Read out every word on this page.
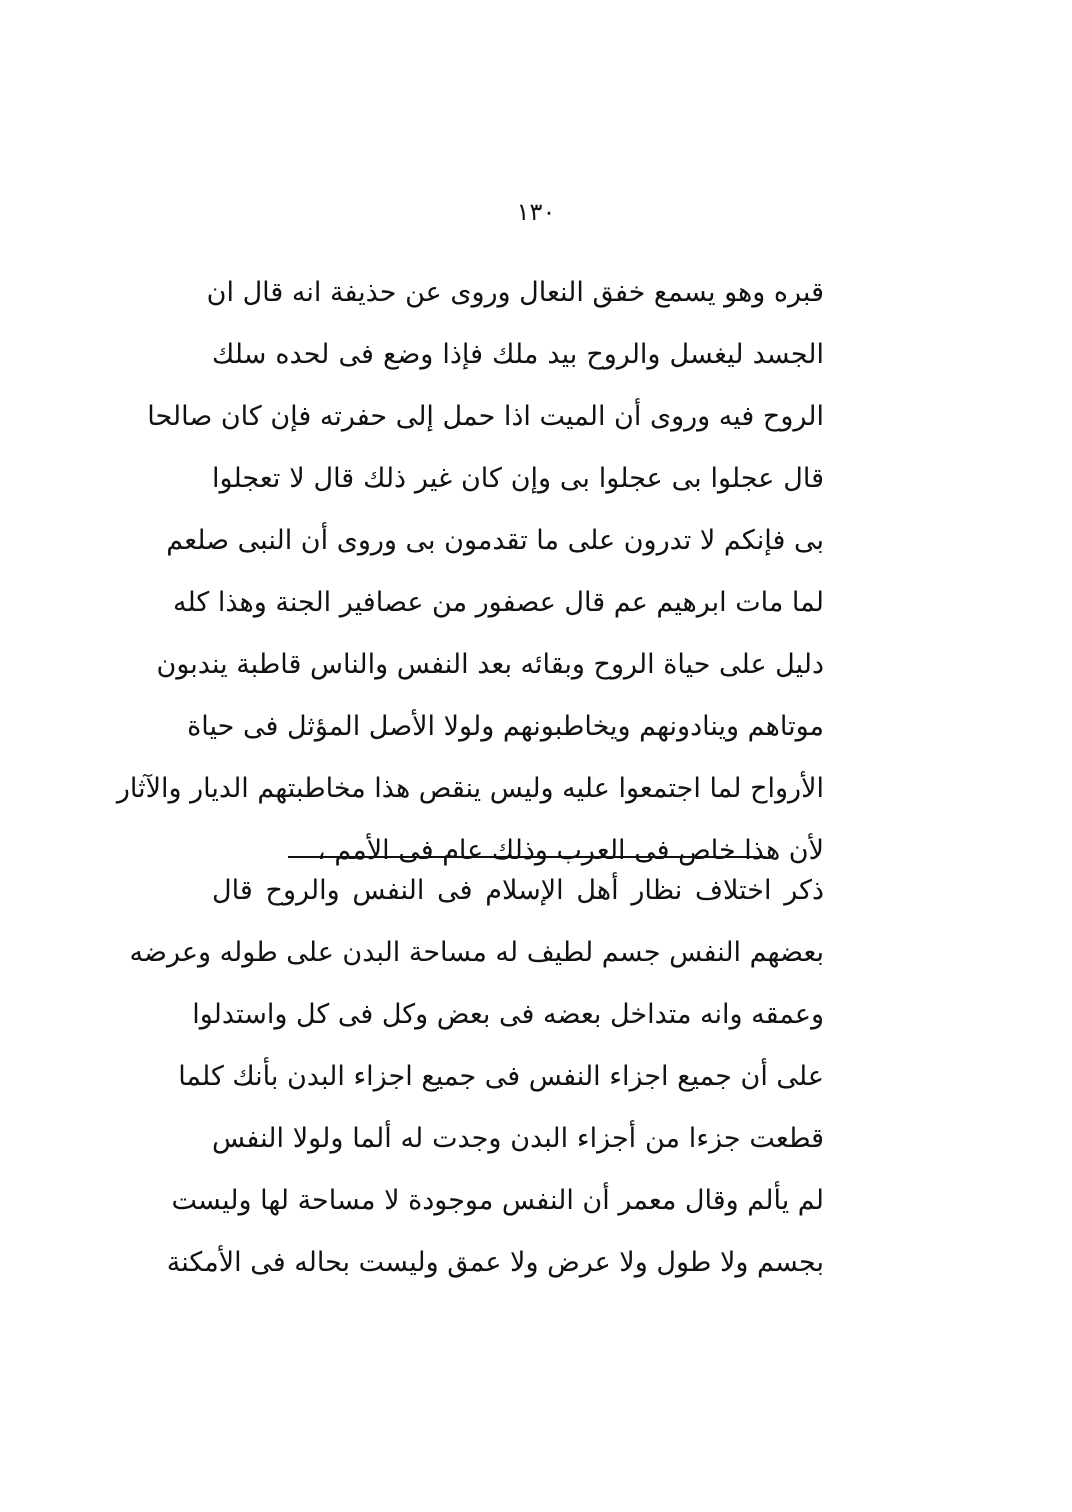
١٣٠
قبره وهو يسمع خفق النعال وروى عن حذيفة انه قال ان
الجسد ليغسل والروح بيد ملك فإذا وضع فى لحده سلك
الروح فيه وروى أن الميت اذا حمل إلى حفرته فإن كان صالحا
قال عجلوا بى عجلوا بى وإن كان غير ذلك قال لا تعجلوا
بى فإنكم لا تدرون على ما تقدمون بى وروى أن النبى صلعم
لما مات ابرهيم عم قال عصفور من عصافير الجنة وهذا كله
دليل على حياة الروح وبقائه بعد النفس والناس قاطبة يندبون
موتاهم وينادونهم ويخاطبونهم ولولا الأصل المؤثل فى حياة
الأرواح لما اجتمعوا عليه وليس ينقص هذا مخاطبتهم الديار والآثار
لأن هذا خاص فى العرب وذلك عام فى الأمم ،
ذكر اختلاف نظار أهل الإسلام فى النفس والروح قال
بعضهم النفس جسم لطيف له مساحة البدن على طوله وعرضه
وعمقه وانه متداخل بعضه فى بعض وكل فى كل واستدلوا
على أن جميع اجزاء النفس فى جميع اجزاء البدن بأنك كلما
قطعت جزءا من أجزاء البدن وجدت له ألما ولولا النفس
لم يألم وقال معمر أن النفس موجودة لا مساحة لها وليست
بجسم ولا طول ولا عرض ولا عمق وليست بحاله فى الأمكنة
